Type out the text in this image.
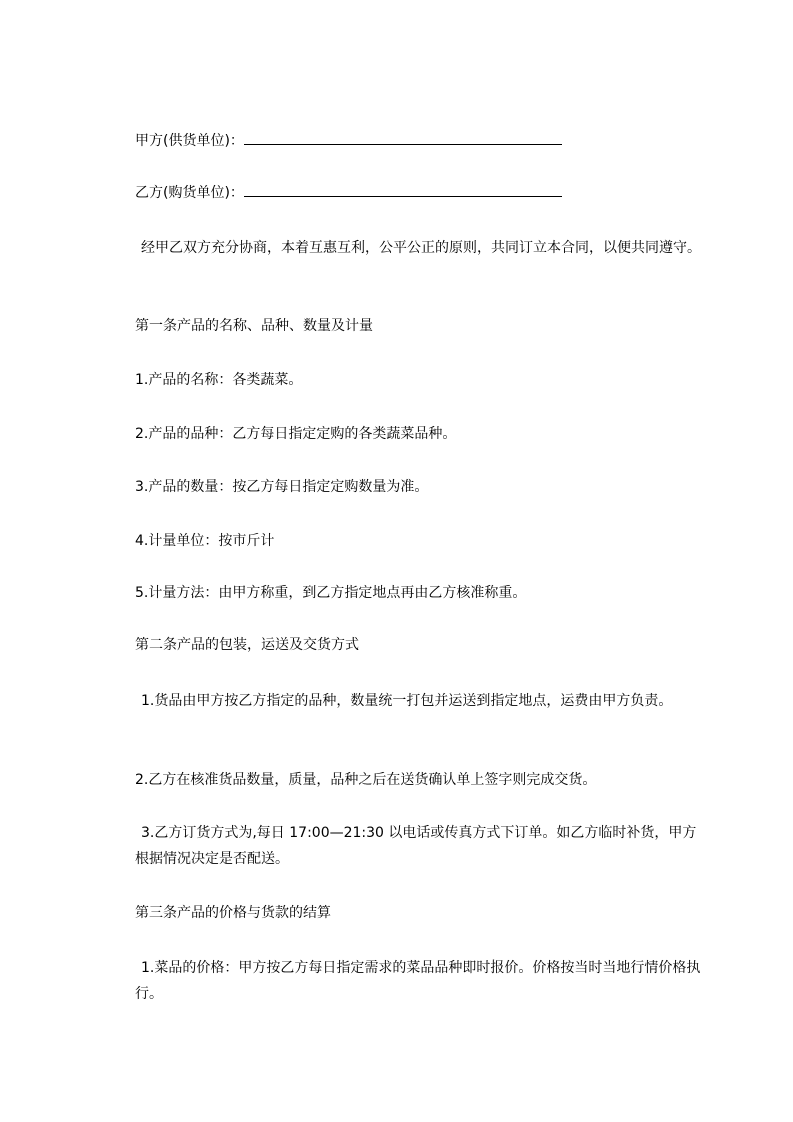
甲方(供货单位)：
乙方(购货单位)：
经甲乙双方充分协商，本着互惠互利，公平公正的原则，共同订立本合同，以便共同遵守。
第一条产品的名称、品种、数量及计量
1.产品的名称：各类蔬菜。
2.产品的品种：乙方每日指定定购的各类蔬菜品种。
3.产品的数量：按乙方每日指定定购数量为准。
4.计量单位：按市斤计
5.计量方法：由甲方称重，到乙方指定地点再由乙方核准称重。
第二条产品的包装，运送及交货方式
1.货品由甲方按乙方指定的品种，数量统一打包并运送到指定地点，运费由甲方负责。
2.乙方在核准货品数量，质量，品种之后在送货确认单上签字则完成交货。
3.乙方订货方式为,每日 17:00—21:30 以电话或传真方式下订单。如乙方临时补货，甲方根据情况决定是否配送。
第三条产品的价格与货款的结算
1.菜品的价格：甲方按乙方每日指定需求的菜品品种即时报价。价格按当时当地行情价格执行。
